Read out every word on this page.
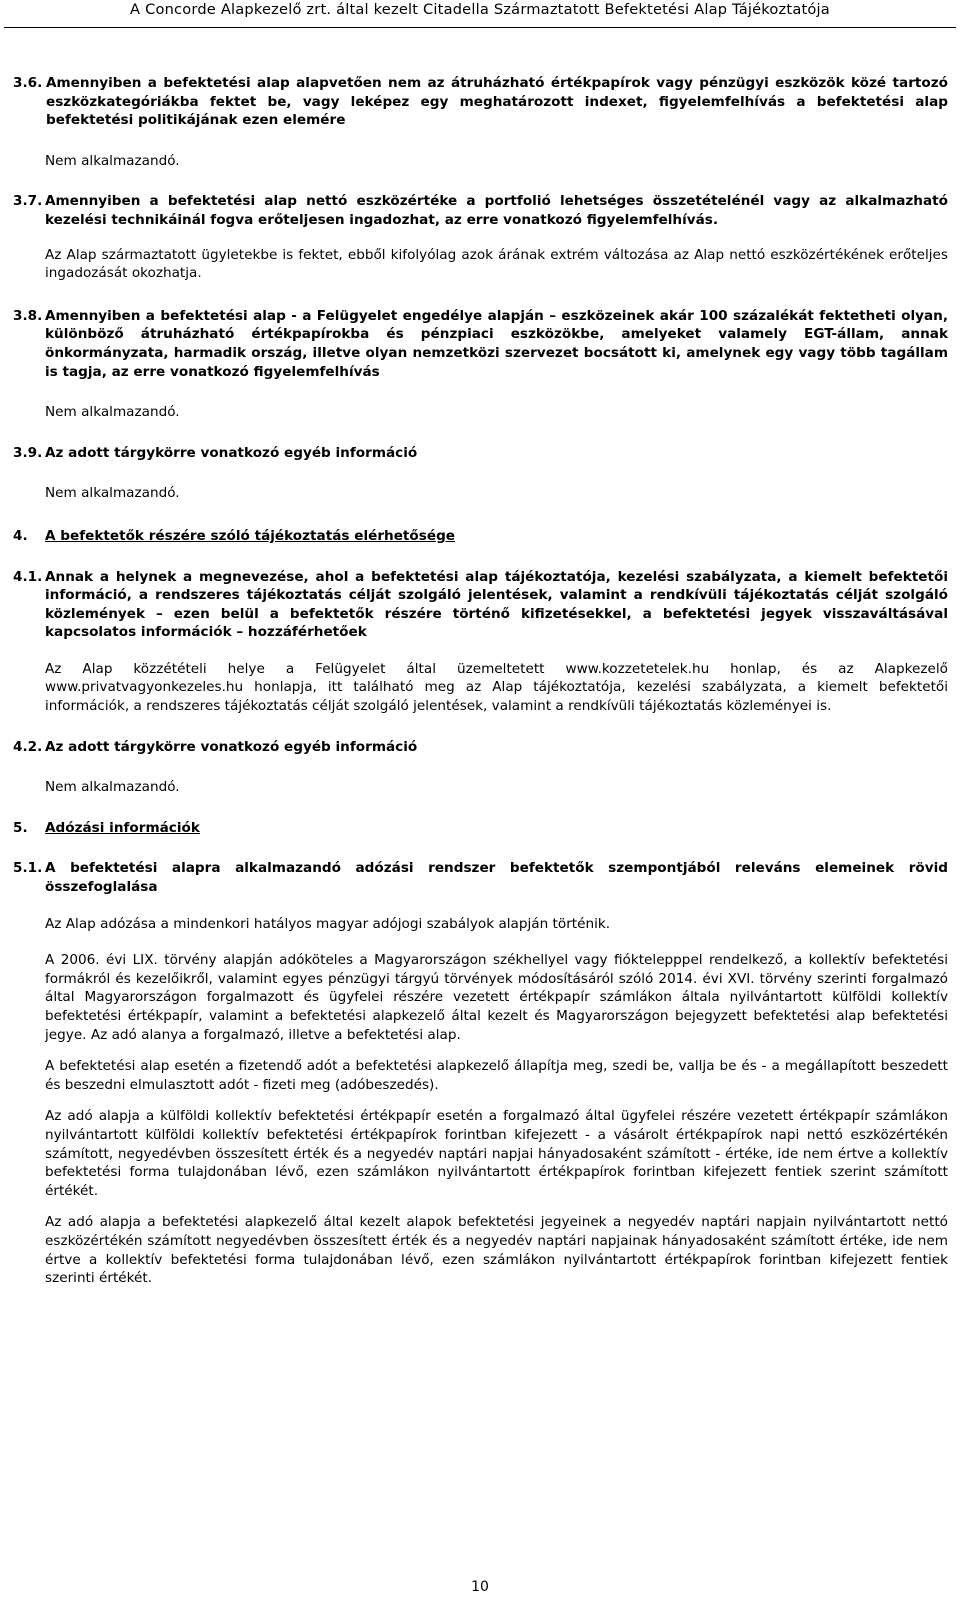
A Concorde Alapkezelő zrt. által kezelt Citadella Származtatott Befektetési Alap Tájékoztatója
3.6. Amennyiben a befektetési alap alapvetően nem az átruházható értékpapírok vagy pénzügyi eszközök közé tartozó eszközkategóriákba fektet be, vagy leképez egy meghatározott indexet, figyelemfelhívás a befektetési alap befektetési politikájának ezen elemére
Nem alkalmazandó.
3.7. Amennyiben a befektetési alap nettó eszközértéke a portfolió lehetséges összetételénél vagy az alkalmazható kezelési technikáinál fogva erőteljesen ingadozhat, az erre vonatkozó figyelemfelhívás.
Az Alap származtatott ügyletekbe is fektet, ebből kifolyólag azok árának extrém változása az Alap nettó eszközértékének erőteljes ingadozását okozhatja.
3.8. Amennyiben a befektetési alap - a Felügyelet engedélye alapján – eszközeinek akár 100 százalékát fektetheti olyan, különböző átruházható értékpapírokba és pénzpiaci eszközökbe, amelyeket valamely EGT-állam, annak önkormányzata, harmadik ország, illetve olyan nemzetközi szervezet bocsátott ki, amelynek egy vagy több tagállam is tagja, az erre vonatkozó figyelemfelhívás
Nem alkalmazandó.
3.9. Az adott tárgykörre vonatkozó egyéb információ
Nem alkalmazandó.
4. A befektetők részére szóló tájékoztatás elérhetősége
4.1. Annak a helynek a megnevezése, ahol a befektetési alap tájékoztatója, kezelési szabályzata, a kiemelt befektetői információ, a rendszeres tájékoztatás célját szolgáló jelentések, valamint a rendkívüli tájékoztatás célját szolgáló közlemények – ezen belül a befektetők részére történő kifizetésekkel, a befektetési jegyek visszaváltásával kapcsolatos információk – hozzáférhetőek
Az Alap közzétételi helye a Felügyelet által üzemeltetett www.kozzetetelek.hu honlap, és az Alapkezelő www.privatvagyonkezeles.hu honlapja, itt található meg az Alap tájékoztatója, kezelési szabályzata, a kiemelt befektetői információk, a rendszeres tájékoztatás célját szolgáló jelentések, valamint a rendkívüli tájékoztatás közleményei is.
4.2. Az adott tárgykörre vonatkozó egyéb információ
Nem alkalmazandó.
5. Adózási információk
5.1. A befektetési alapra alkalmazandó adózási rendszer befektetők szempontjából releváns elemeinek rövid összefoglalása
Az Alap adózása a mindenkori hatályos magyar adójogi szabályok alapján történik.
A 2006. évi LIX. törvény alapján adóköteles a Magyarországon székhellyel vagy fióktelepppel rendelkező, a kollektív befektetési formákról és kezelőikről, valamint egyes pénzügyi tárgyú törvények módosításáról szóló 2014. évi XVI. törvény szerinti forgalmazó által Magyarországon forgalmazott és ügyfelei részére vezetett értékpapír számlákon általa nyilvántartott külföldi kollektív befektetési értékpapír, valamint a befektetési alapkezelő által kezelt és Magyarországon bejegyzett befektetési alap befektetési jegye. Az adó alanya a forgalmazó, illetve a befektetési alap.
A befektetési alap esetén a fizetendő adót a befektetési alapkezelő állapítja meg, szedi be, vallja be és - a megállapított beszedett és beszedni elmulasztott adót - fizeti meg (adóbeszedés).
Az adó alapja a külföldi kollektív befektetési értékpapír esetén a forgalmazó által ügyfelei részére vezetett értékpapír számlákon nyilvántartott külföldi kollektív befektetési értékpapírok forintban kifejezett - a vásárolt értékpapírok napi nettó eszközértékén számított, negyedévben összesített érték és a negyedév naptári napjai hányadosaként számított - értéke, ide nem értve a kollektív befektetési forma tulajdonában lévő, ezen számlákon nyilvántartott értékpapírok forintban kifejezett fentiek szerint számított értékét.
Az adó alapja a befektetési alapkezelő által kezelt alapok befektetési jegyeinek a negyedév naptári napjain nyilvántartott nettó eszközértékén számított negyedévben összesített érték és a negyedév naptári napjainak hányadosaként számított értéke, ide nem értve a kollektív befektetési forma tulajdonában lévő, ezen számlákon nyilvántartott értékpapírok forintban kifejezett fentiek szerinti értékét.
10
